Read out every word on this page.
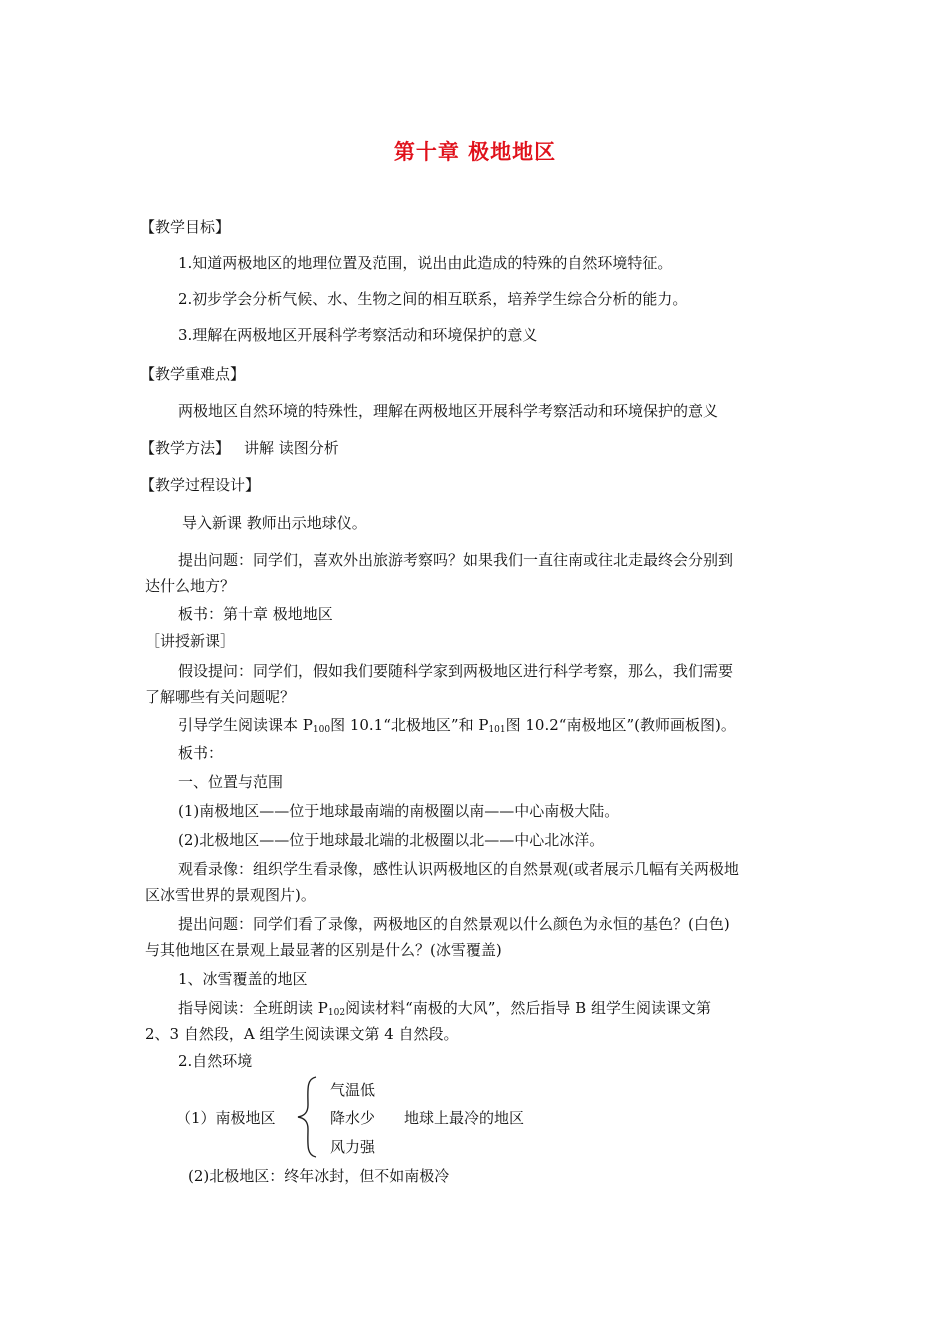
第十章 极地地区
【教学目标】
1.知道两极地区的地理位置及范围，说出由此造成的特殊的自然环境特征。
2.初步学会分析气候、水、生物之间的相互联系，培养学生综合分析的能力。
3.理解在两极地区开展科学考察活动和环境保护的意义
【教学重难点】
两极地区自然环境的特殊性，理解在两极地区开展科学考察活动和环境保护的意义
【教学方法】 讲解 读图分析
【教学过程设计】
导入新课 教师出示地球仪。
提出问题：同学们，喜欢外出旅游考察吗？如果我们一直往南或往北走最终会分别到
达什么地方？
板书：第十章 极地地区
［讲授新课］
假设提问：同学们，假如我们要随科学家到两极地区进行科学考察，那么，我们需要
了解哪些有关问题呢？
引导学生阅读课本 $P_{100}$图 10.1“北极地区”和 $P_{101}$图 10.2“南极地区”(教师画板图)。
板书：
一、位置与范围
(1)南极地区——位于地球最南端的南极圈以南——中心南极大陆。
(2)北极地区——位于地球最北端的北极圈以北——中心北冰洋。
观看录像：组织学生看录像，感性认识两极地区的自然景观(或者展示几幅有关两极地
区冰雪世界的景观图片)。
提出问题：同学们看了录像，两极地区的自然景观以什么颜色为永恒的基色？(白色)
与其他地区在景观上最显著的区别是什么？(冰雪覆盖)
1、冰雪覆盖的地区
指导阅读：全班朗读 $P_{102}$阅读材料“南极的大风”，然后指导 B 组学生阅读课文第
2、3 自然段，A 组学生阅读课文第 4 自然段。
2.自然环境
（1）南极地区
气温低
降水少
风力强
地球上最冷的地区
(2)北极地区：终年冰封，但不如南极冷
